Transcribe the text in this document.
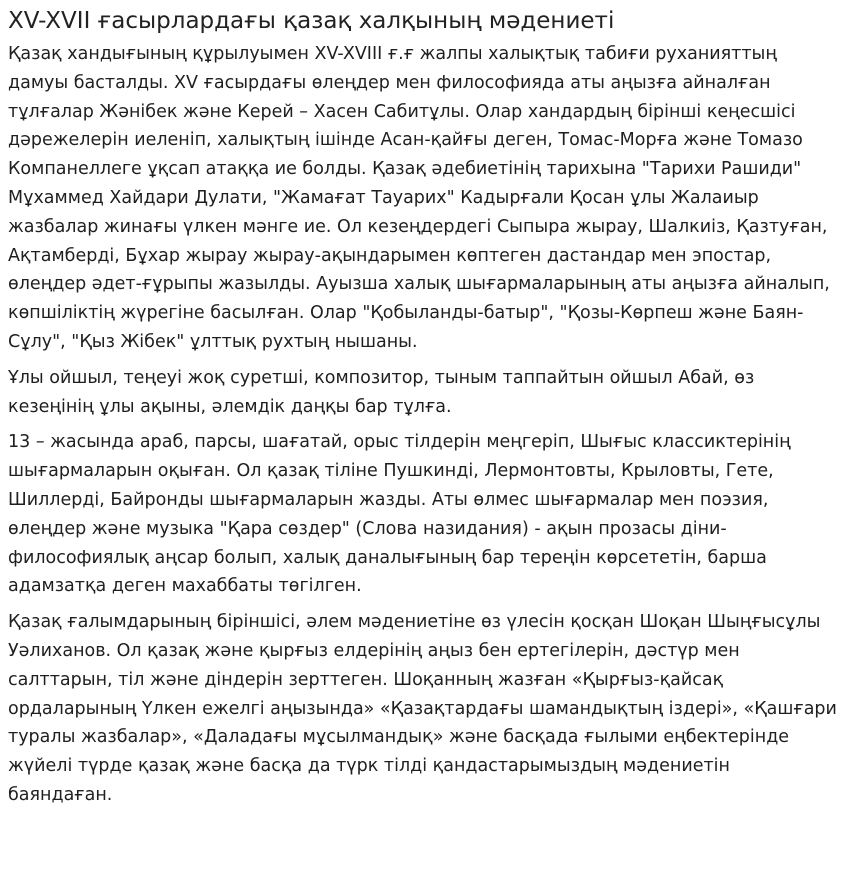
XV-XVII ғасырлардағы қазақ халқының мәдениеті

Қазақ хандығының құрылуымен XV-XVIII ғ.ғ жалпы халықтық табиғи руханияттың дамуы басталды. XV ғасырдағы өлеңдер мен философияда аты аңызға айналған тұлғалар Жәнібек және Керей – Хасен Сабитұлы. Олар хандардың бірінші кеңесшісі дәрежелерін иеленіп, халықтың ішінде Асан-қайғы деген, Томас-Морға және Томазо Компанеллеге ұқсап атаққа ие болды. Қазақ әдебиетінің тарихына "Тарихи Рашиди" Мұхаммед Хайдари Дулати, "Жамағат Тауарих" Кадырғали Қосан ұлы Жалаиыр жазбалар жинағы үлкен мәнге ие. Ол кезеңдердегі Сыпыра жырау, Шалкиіз, Қазтуған, Ақтамберді, Бұхар жырау жырау-ақындарымен көптеген дастандар мен эпостар, өлеңдер әдет-ғұрыпы жазылды. Ауызша халық шығармаларының аты аңызға айналып, көпшіліктің жүрегіне басылған. Олар "Қобыланды-батыр", "Қозы-Көрпеш және Баян-Сұлу", "Қыз Жібек" ұлттық рухтың нышаны.

Ұлы ойшыл, теңеуі жоқ суретші, композитор, тыным таппайтын ойшыл Абай, өз кезеңінің ұлы ақыны, әлемдік даңқы бар тұлға.

13 – жасында араб, парсы, шағатай, орыс тілдерін меңгеріп, Шығыс классиктерінің шығармаларын оқыған. Ол қазақ тіліне Пушкинді, Лермонтовты, Крыловты, Гете, Шиллерді, Байронды шығармаларын жазды. Аты өлмес шығармалар мен поэзия, өлеңдер және музыка "Қара сөздер" (Слова назидания) - ақын прозасы діни-философиялық аңсар болып, халық даналығының бар тереңін көрсететін, барша адамзатқа деген махаббаты төгілген.

Қазақ ғалымдарының біріншісі, әлем мәдениетіне өз үлесін қосқан Шоқан Шыңғысұлы Уәлиханов. Ол қазақ және қырғыз елдерінің аңыз бен ертегілерін, дәстүр мен салттарын, тіл және діндерін зерттеген. Шоқанның жазған «Қырғыз-қайсақ ордаларының Үлкен ежелгі аңызында» «Қазақтардағы шамандықтың іздері», «Қашғари туралы жазбалар», «Даладағы мұсылмандық» және басқада ғылыми еңбектерінде жүйелі түрде қазақ және басқа да түрк тілді қандастарымыздың мәдениетін баяндаған.
